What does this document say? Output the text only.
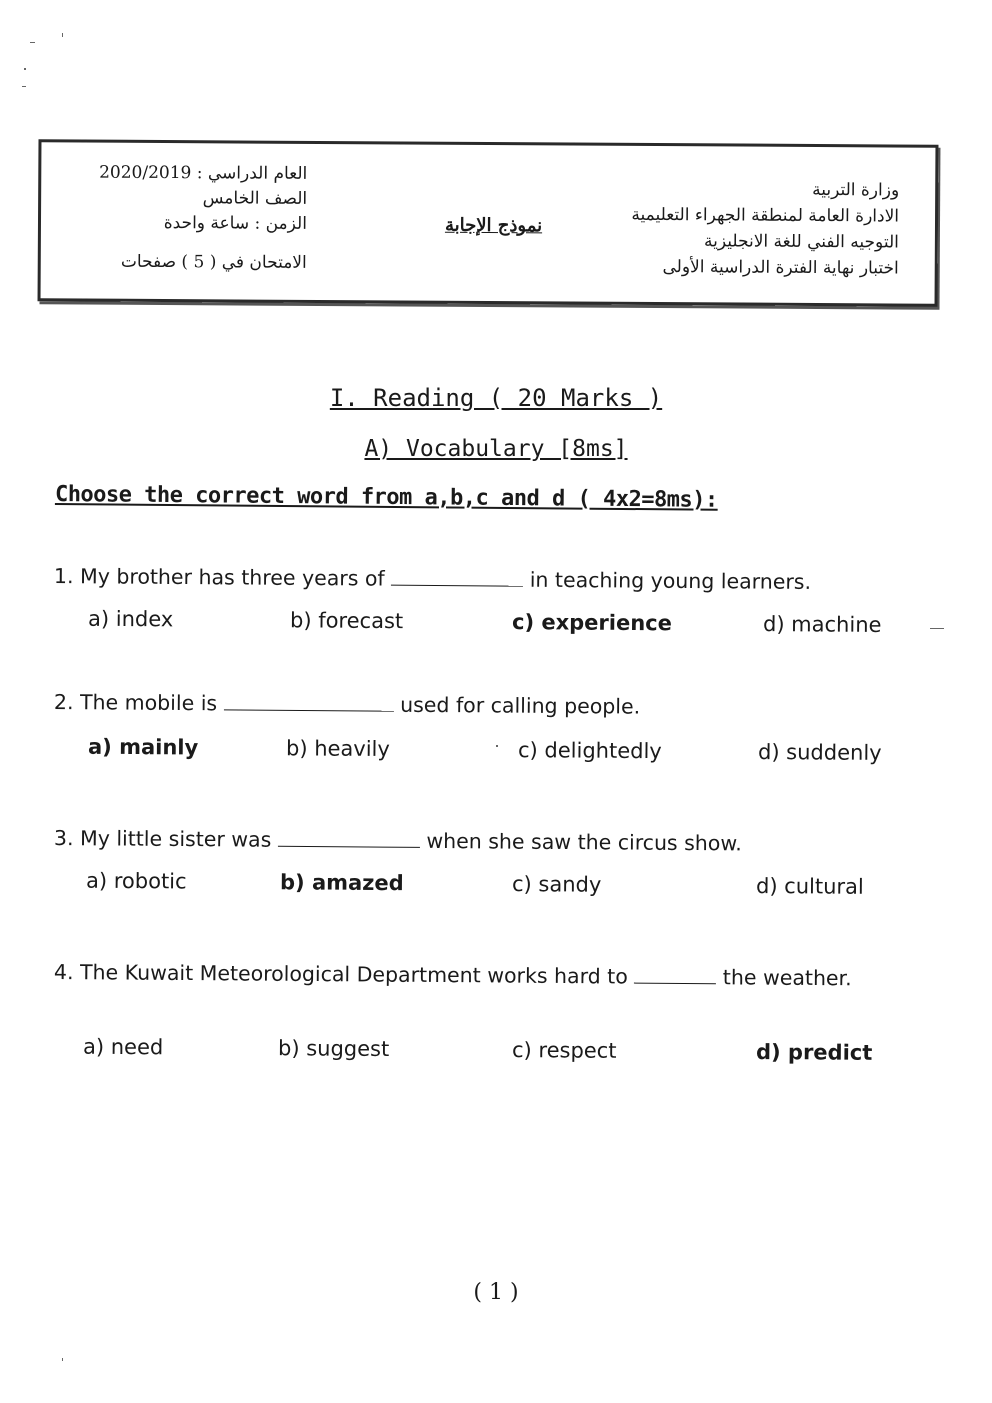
وزارة التربية
الادارة العامة لمنطقة الجهراء التعليمية
التوجيه الفني للغة الانجليزية
اختبار نهاية الفترة الدراسية الأولى
نموذج الإجابة
العام الدراسي : 2020/2019
الصف الخامس
الزمن : ساعة واحدة
الامتحان في ( 5 ) صفحات
I. Reading ( 20 Marks )
A) Vocabulary [8ms]
Choose the correct word from a,b,c and d ( 4x2=8ms):
1. My brother has three years of	in teaching young learners.
a) index	b) forecast	c) experience	d) machine
2. The mobile is	used for calling people.
a) mainly	b) heavily	c) delightedly	d) suddenly
3. My little sister was	when she saw the circus show.
a) robotic	b) amazed	c) sandy	d) cultural
4. The Kuwait Meteorological Department works hard to	the weather.
a) need	b) suggest	c) respect	d) predict
( 1 )
